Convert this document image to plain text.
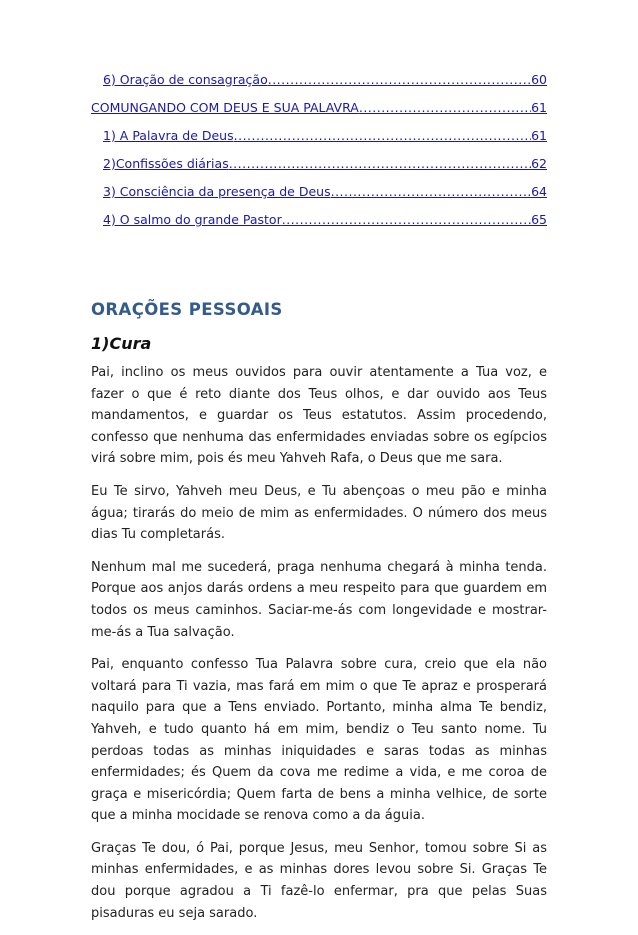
6) Oração de consagração .....	60
COMUNGANDO COM DEUS E SUA PALAVRA .....	61
1) A Palavra de Deus .....	61
2)Confissões diárias .....	62
3) Consciência da presença de Deus .....	64
4) O salmo do grande Pastor .....	65
ORAÇÕES PESSOAIS
1)Cura

Pai, inclino os meus ouvidos para ouvir atentamente a Tua voz, e fazer o que é reto diante dos Teus olhos, e dar ouvido aos Teus mandamentos, e guardar os Teus estatutos. Assim procedendo, confesso que nenhuma das enfermidades enviadas sobre os egípcios virá sobre mim, pois és meu Yahveh Rafa, o Deus que me sara.

Eu Te sirvo, Yahveh meu Deus, e Tu abençoas o meu pão e minha água; tirarás do meio de mim as enfermidades. O número dos meus dias Tu completarás.

Nenhum mal me sucederá, praga nenhuma chegará à minha tenda. Porque aos anjos darás ordens a meu respeito para que guardem em todos os meus caminhos. Saciar-me-ás com longevidade e mostrar-me-ás a Tua salvação.

Pai, enquanto confesso Tua Palavra sobre cura, creio que ela não voltará para Ti vazia, mas fará em mim o que Te apraz e prosperará naquilo para que a Tens enviado. Portanto, minha alma Te bendiz, Yahveh, e tudo quanto há em mim, bendiz o Teu santo nome. Tu perdoas todas as minhas iniquidades e saras todas as minhas enfermidades; és Quem da cova me redime a vida, e me coroa de graça e misericórdia; Quem farta de bens a minha velhice, de sorte que a minha mocidade se renova como a da águia.

Graças Te dou, ó Pai, porque Jesus, meu Senhor, tomou sobre Si as minhas enfermidades, e as minhas dores levou sobre Si. Graças Te dou porque agradou a Ti fazê-lo enfermar, pra que pelas Suas pisaduras eu seja sarado.
